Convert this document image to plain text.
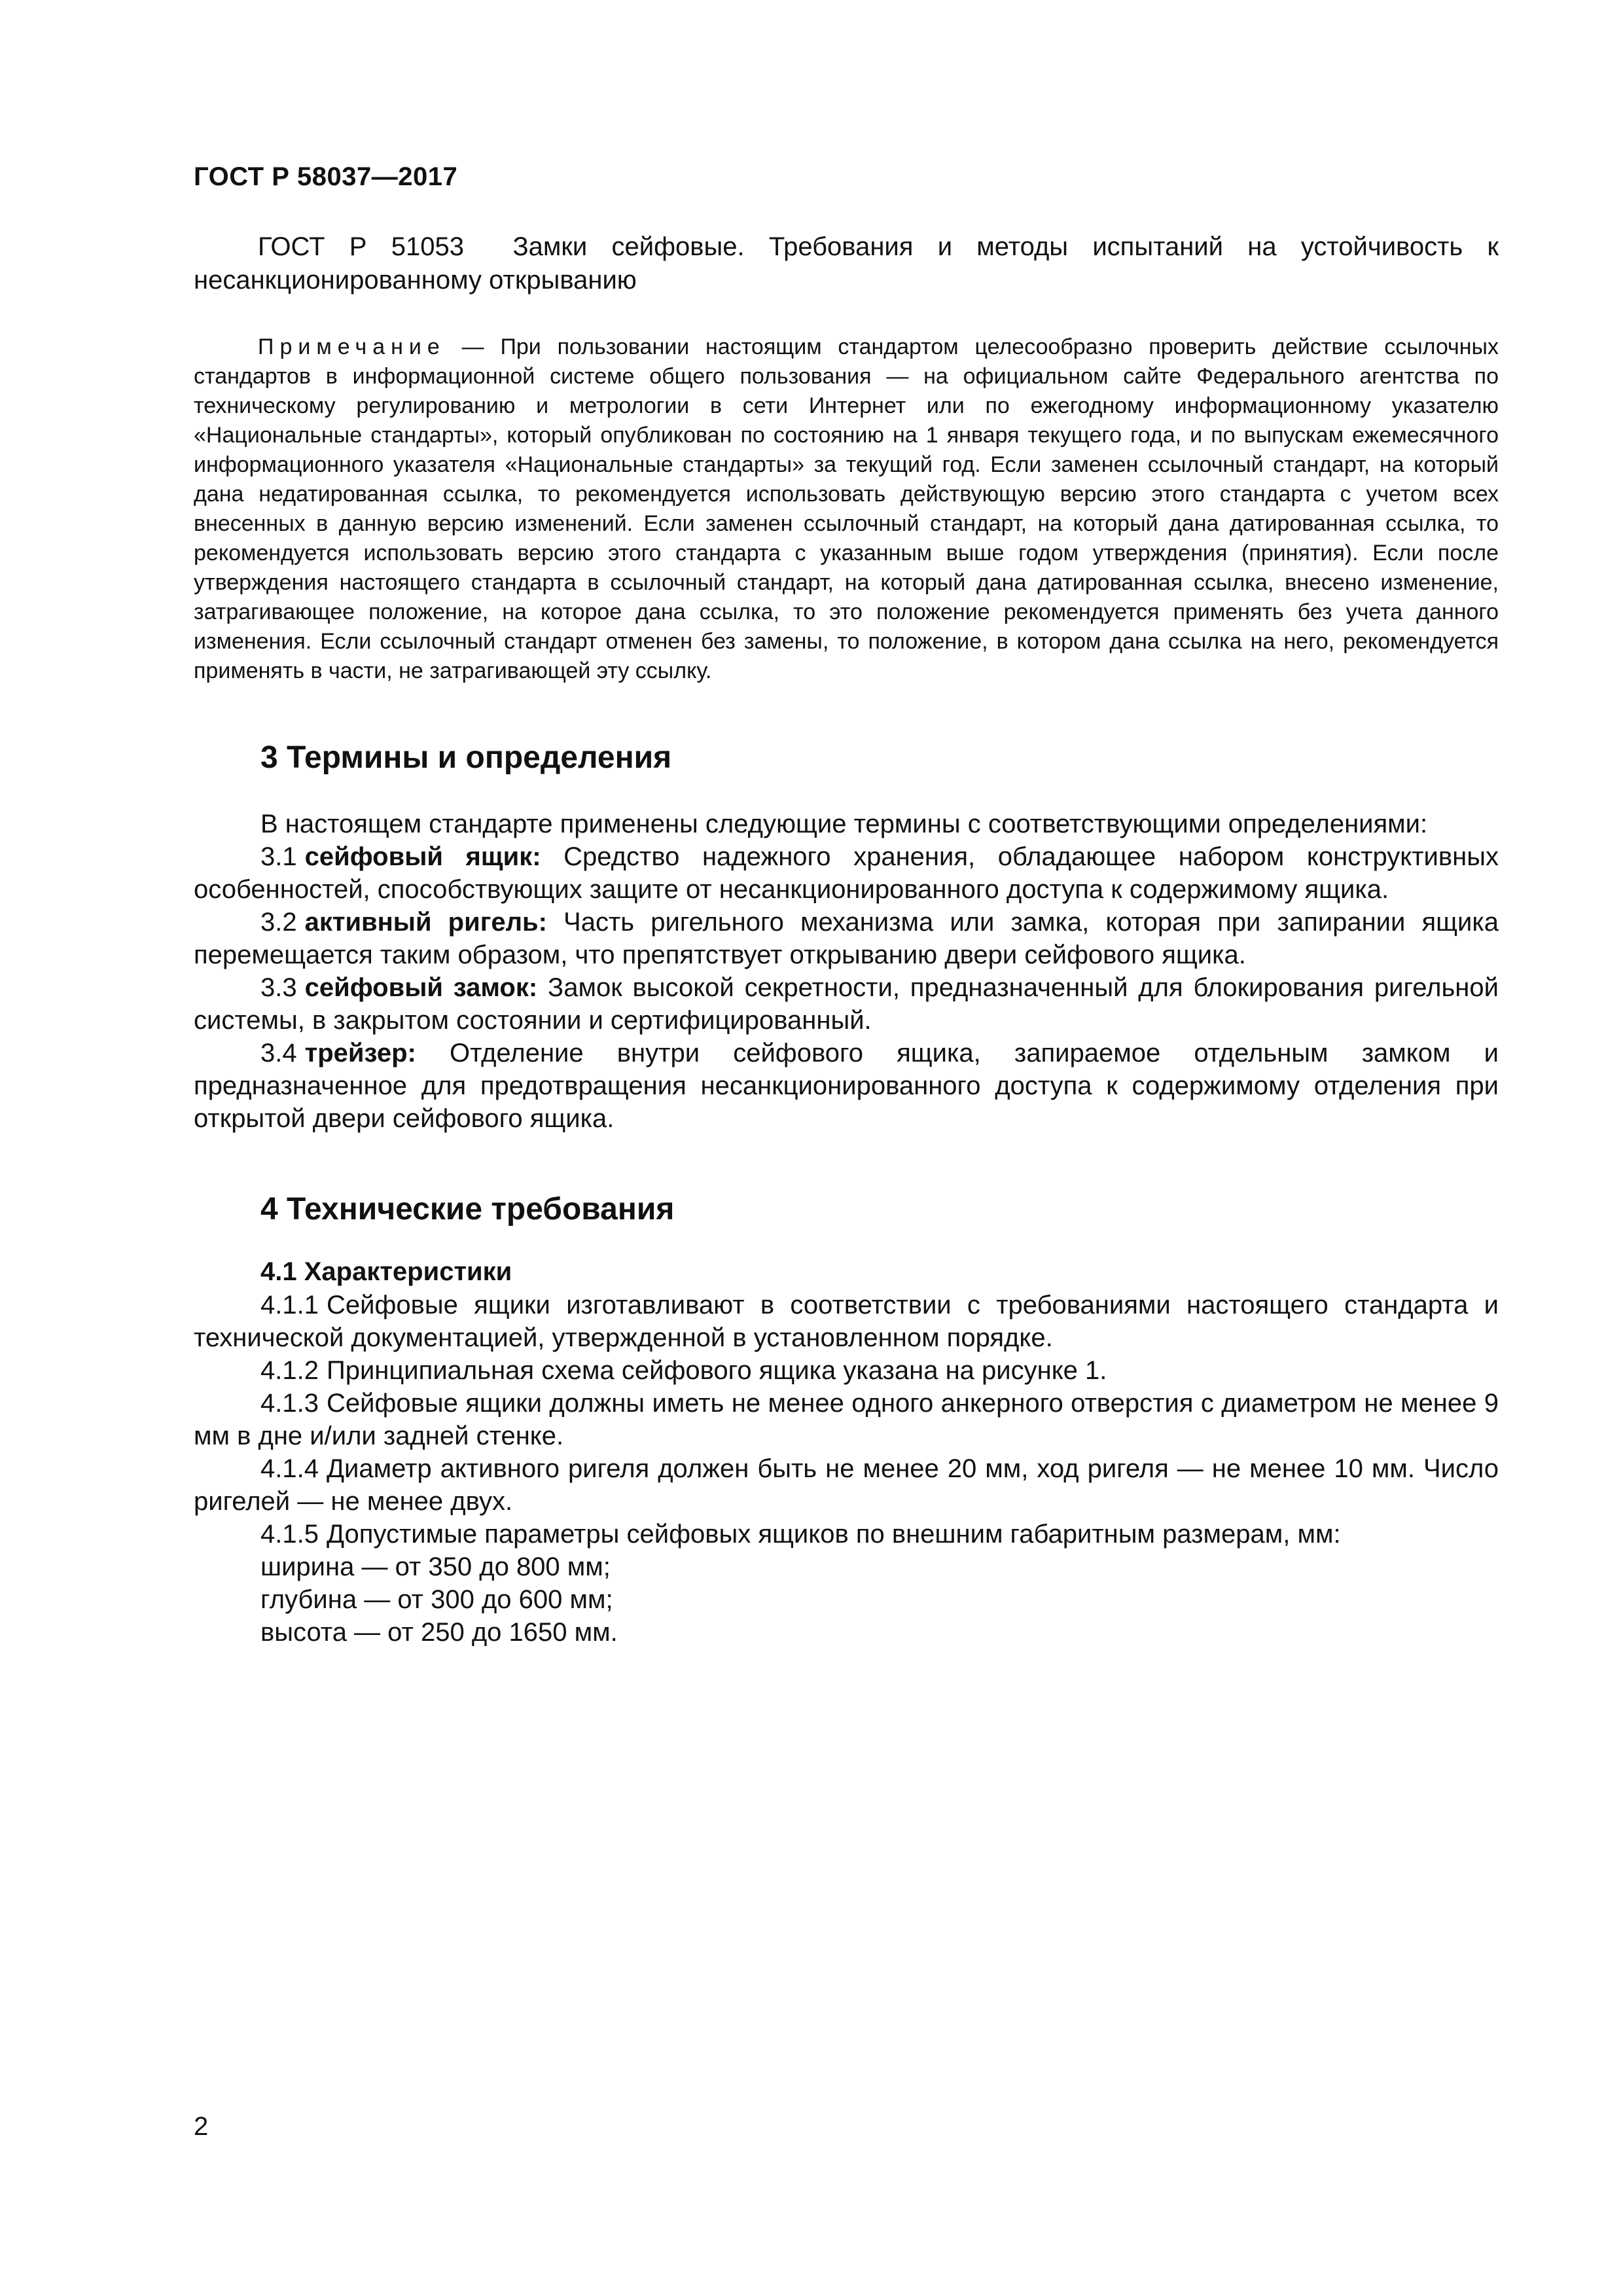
ГОСТ Р 58037—2017

ГОСТ Р 51053 Замки сейфовые. Требования и методы испытаний на устойчивость к несанкционированному открыванию

Примечание — При пользовании настоящим стандартом целесообразно проверить действие ссылочных стандартов в информационной системе общего пользования — на официальном сайте Федерального агентства по техническому регулированию и метрологии в сети Интернет или по ежегодному информационному указателю «Национальные стандарты», который опубликован по состоянию на 1 января текущего года, и по выпускам ежемесячного информационного указателя «Национальные стандарты» за текущий год. Если заменен ссылочный стандарт, на который дана недатированная ссылка, то рекомендуется использовать действующую версию этого стандарта с учетом всех внесенных в данную версию изменений. Если заменен ссылочный стандарт, на который дана датированная ссылка, то рекомендуется использовать версию этого стандарта с указанным выше годом утверждения (принятия). Если после утверждения настоящего стандарта в ссылочный стандарт, на который дана датированная ссылка, внесено изменение, затрагивающее положение, на которое дана ссылка, то это положение рекомендуется применять без учета данного изменения. Если ссылочный стандарт отменен без замены, то положение, в котором дана ссылка на него, рекомендуется применять в части, не затрагивающей эту ссылку.

3 Термины и определения

В настоящем стандарте применены следующие термины с соответствующими определениями:

3.1 сейфовый ящик: Средство надежного хранения, обладающее набором конструктивных особенностей, способствующих защите от несанкционированного доступа к содержимому ящика.

3.2 активный ригель: Часть ригельного механизма или замка, которая при запирании ящика перемещается таким образом, что препятствует открыванию двери сейфового ящика.

3.3 сейфовый замок: Замок высокой секретности, предназначенный для блокирования ригельной системы, в закрытом состоянии и сертифицированный.

3.4 трейзер: Отделение внутри сейфового ящика, запираемое отдельным замком и предназначенное для предотвращения несанкционированного доступа к содержимому отделения при открытой двери сейфового ящика.

4 Технические требования
4.1 Характеристики

4.1.1 Сейфовые ящики изготавливают в соответствии с требованиями настоящего стандарта и технической документацией, утвержденной в установленном порядке.

4.1.2 Принципиальная схема сейфового ящика указана на рисунке 1.

4.1.3 Сейфовые ящики должны иметь не менее одного анкерного отверстия с диаметром не менее 9 мм в дне и/или задней стенке.

4.1.4 Диаметр активного ригеля должен быть не менее 20 мм, ход ригеля — не менее 10 мм. Число ригелей — не менее двух.

4.1.5 Допустимые параметры сейфовых ящиков по внешним габаритным размерам, мм:

ширина — от 350 до 800 мм;
глубина — от 300 до 600 мм;
высота — от 250 до 1650 мм.
2
